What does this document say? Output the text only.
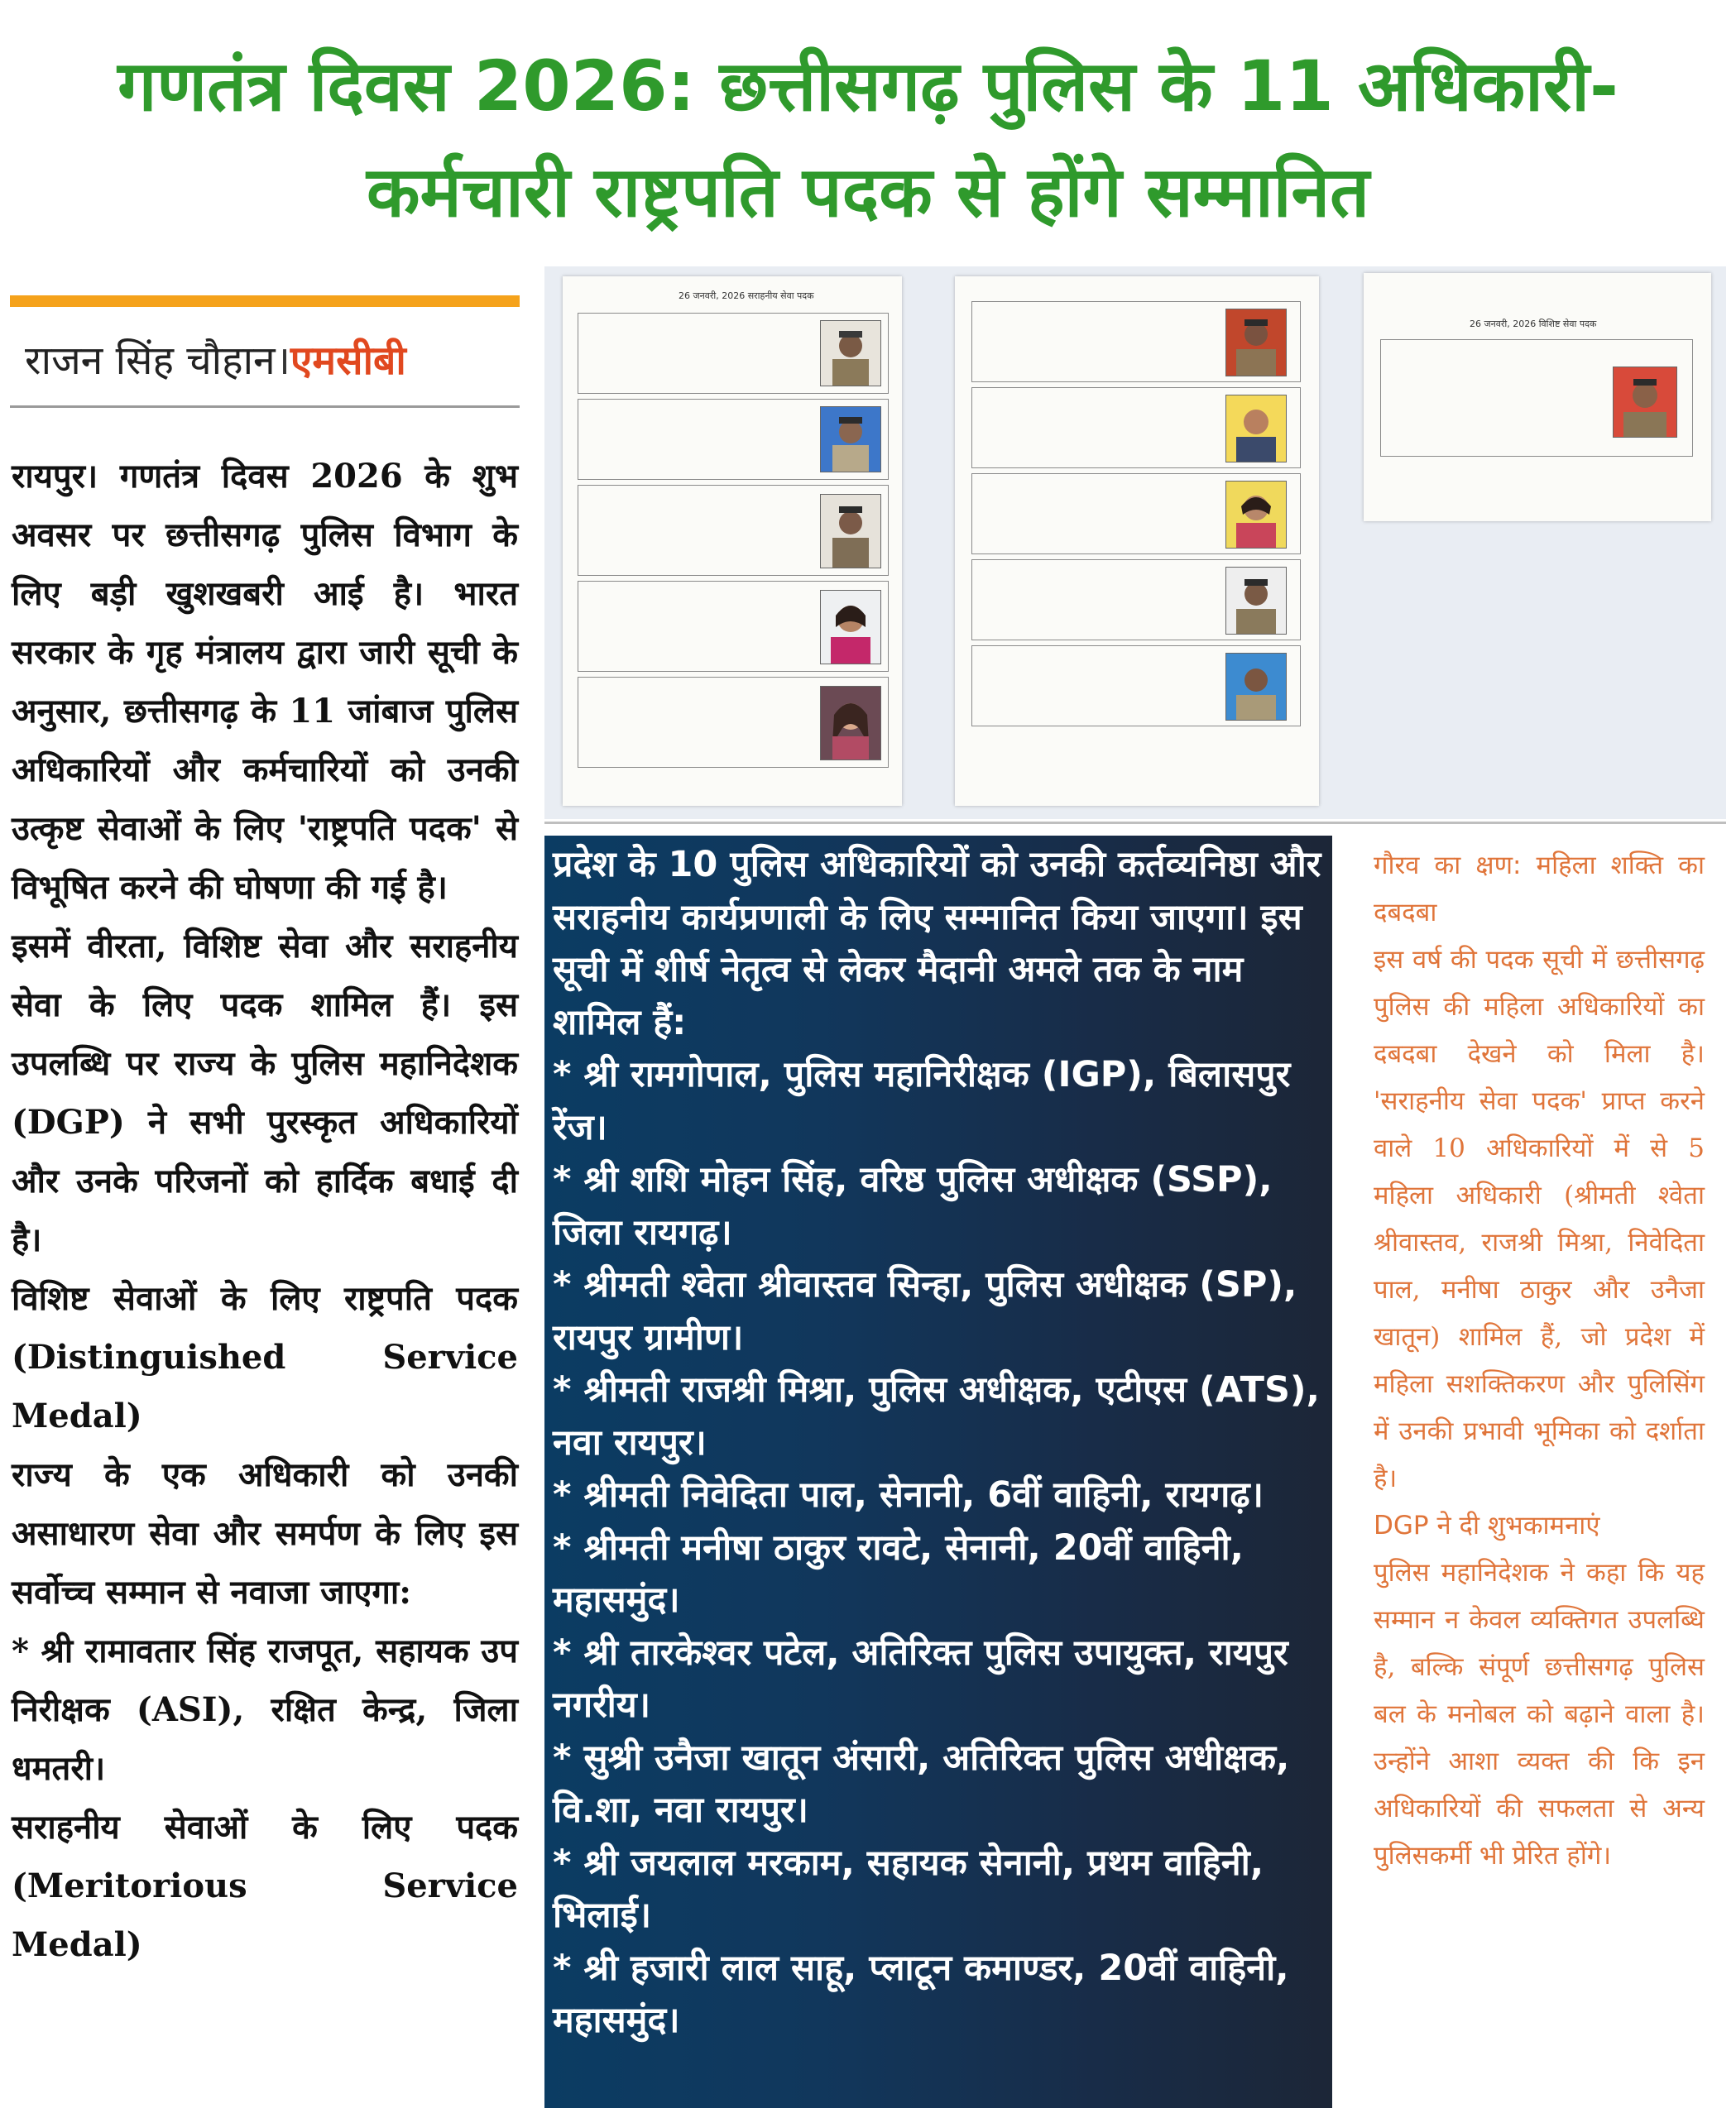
गणतंत्र दिवस 2026: छत्तीसगढ़ पुलिस के 11 अधिकारी-
कर्मचारी राष्ट्रपति पदक से होंगे सम्मानित
राजन सिंह चौहान।एमसीबी

रायपुर। गणतंत्र दिवस 2026 के शुभ अवसर पर छत्तीसगढ़ पुलिस विभाग के लिए बड़ी खुशखबरी आई है। भारत सरकार के गृह मंत्रालय द्वारा जारी सूची के अनुसार, छत्तीसगढ़ के 11 जांबाज पुलिस अधिकारियों और कर्मचारियों को उनकी उत्कृष्ट सेवाओं के लिए 'राष्ट्रपति पदक' से विभूषित करने की घोषणा की गई है।

इसमें वीरता, विशिष्ट सेवा और सराहनीय सेवा के लिए पदक शामिल हैं। इस उपलब्धि पर राज्य के पुलिस महानिदेशक (DGP) ने सभी पुरस्कृत अधिकारियों और उनके परिजनों को हार्दिक बधाई दी है।

विशिष्ट सेवाओं के लिए राष्ट्रपति पदक (Distinguished Service Medal)

राज्य के एक अधिकारी को उनकी असाधारण सेवा और समर्पण के लिए इस सर्वोच्च सम्मान से नवाजा जाएगा:

* श्री रामावतार सिंह राजपूत, सहायक उप निरीक्षक (ASI), रक्षित केन्द्र, जिला धमतरी।

सराहनीय सेवाओं के लिए पदक (Meritorious Service Medal)

26 जनवरी, 2026 सराहनीय सेवा पदक
26 जनवरी, 2026 विशिष्ट सेवा पदक

प्रदेश के 10 पुलिस अधिकारियों को उनकी कर्तव्यनिष्ठा और सराहनीय कार्यप्रणाली के लिए सम्मानित किया जाएगा। इस सूची में शीर्ष नेतृत्व से लेकर मैदानी अमले तक के नाम शामिल हैं:

* श्री रामगोपाल, पुलिस महानिरीक्षक (IGP), बिलासपुर रेंज।

* श्री शशि मोहन सिंह, वरिष्ठ पुलिस अधीक्षक (SSP), जिला रायगढ़।

* श्रीमती श्वेता श्रीवास्तव सिन्हा, पुलिस अधीक्षक (SP), रायपुर ग्रामीण।

* श्रीमती राजश्री मिश्रा, पुलिस अधीक्षक, एटीएस (ATS), नवा रायपुर।

* श्रीमती निवेदिता पाल, सेनानी, 6वीं वाहिनी, रायगढ़।

* श्रीमती मनीषा ठाकुर रावटे, सेनानी, 20वीं वाहिनी, महासमुंद।

* श्री तारकेश्वर पटेल, अतिरिक्त पुलिस उपायुक्त, रायपुर नगरीय।

* सुश्री उनैजा खातून अंसारी, अतिरिक्त पुलिस अधीक्षक, वि.शा, नवा रायपुर।

* श्री जयलाल मरकाम, सहायक सेनानी, प्रथम वाहिनी, भिलाई।

* श्री हजारी लाल साहू, प्लाटून कमाण्डर, 20वीं वाहिनी, महासमुंद।

गौरव का क्षण: महिला शक्ति का दबदबा

इस वर्ष की पदक सूची में छत्तीसगढ़ पुलिस की महिला अधिकारियों का दबदबा देखने को मिला है। 'सराहनीय सेवा पदक' प्राप्त करने वाले 10 अधिकारियों में से 5 महिला अधिकारी (श्रीमती श्वेता श्रीवास्तव, राजश्री मिश्रा, निवेदिता पाल, मनीषा ठाकुर और उनैजा खातून) शामिल हैं, जो प्रदेश में महिला सशक्तिकरण और पुलिसिंग में उनकी प्रभावी भूमिका को दर्शाता है।

DGP ने दी शुभकामनाएं

पुलिस महानिदेशक ने कहा कि यह सम्मान न केवल व्यक्तिगत उपलब्धि है, बल्कि संपूर्ण छत्तीसगढ़ पुलिस बल के मनोबल को बढ़ाने वाला है। उन्होंने आशा व्यक्त की कि इन अधिकारियों की सफलता से अन्य पुलिसकर्मी भी प्रेरित होंगे।
